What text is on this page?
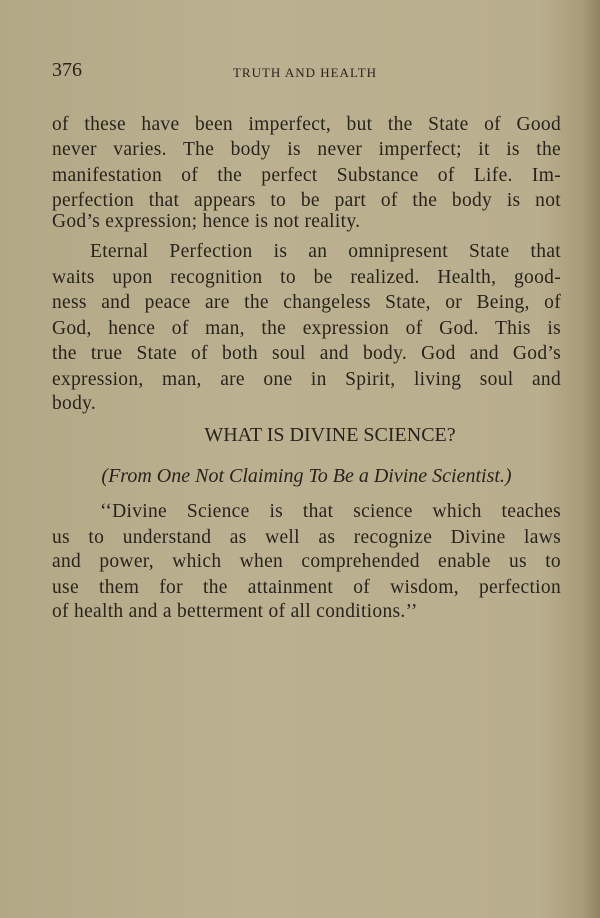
376	TRUTH AND HEALTH
of these have been imperfect, but the State of Good
never varies. The body is never imperfect; it is the
manifestation of the perfect Substance of Life. Im-
perfection that appears to be part of the body is not
God’s expression; hence is not reality.
Eternal Perfection is an omnipresent State that
waits upon recognition to be realized. Health, good-
ness and peace are the changeless State, or Being, of
God, hence of man, the expression of God. This is
the true State of both soul and body. God and God’s
expression, man, are one in Spirit, living soul and
body.
WHAT IS DIVINE SCIENCE?
(From One Not Claiming To Be a Divine Scientist.)
‘‘Divine Science is that science which teaches
us to understand as well as recognize Divine laws
and power, which when comprehended enable us to
use them for the attainment of wisdom, perfection
of health and a betterment of all conditions.’’
